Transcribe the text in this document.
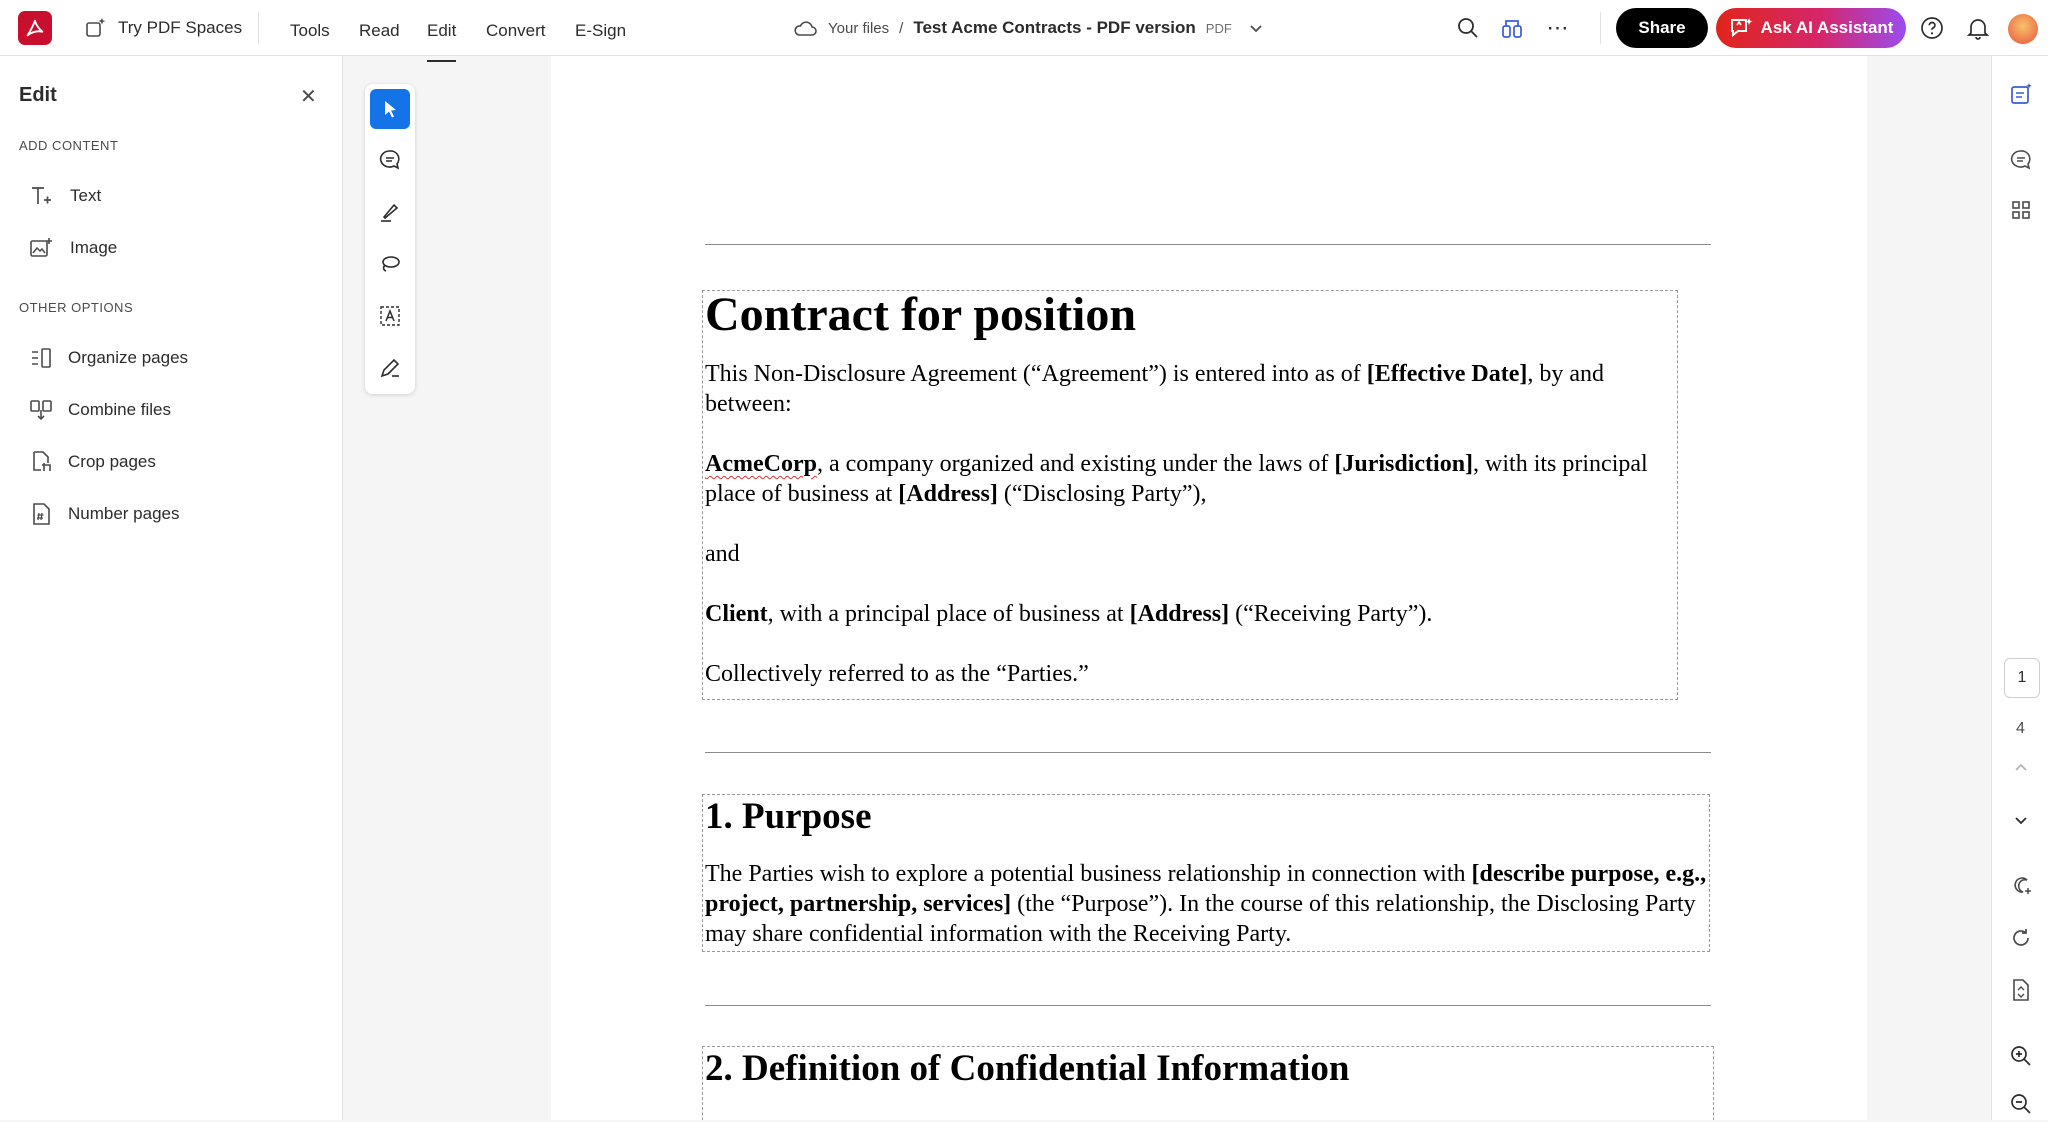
Try PDF Spaces	Tools Read Edit Convert E-Sign	Your files / Test Acme Contracts - PDF version PDF	⋯	Share	Ask AI Assistant
Edit	✕
ADD CONTENT
Text
Image
OTHER OPTIONS
Organize pages
Combine files
Crop pages
Number pages
Contract for position
This Non-Disclosure Agreement (“Agreement”) is entered into as of [Effective Date], by and between:
AcmeCorp, a company organized and existing under the laws of [Jurisdiction], with its principal place of business at [Address] (“Disclosing Party”),
and
Client, with a principal place of business at [Address] (“Receiving Party”).
Collectively referred to as the “Parties.”
1. Purpose
The Parties wish to explore a potential business relationship in connection with [describe purpose, e.g., project, partnership, services] (the “Purpose”). In the course of this relationship, the Disclosing Party may share confidential information with the Receiving Party.
2. Definition of Confidential Information
1
4
